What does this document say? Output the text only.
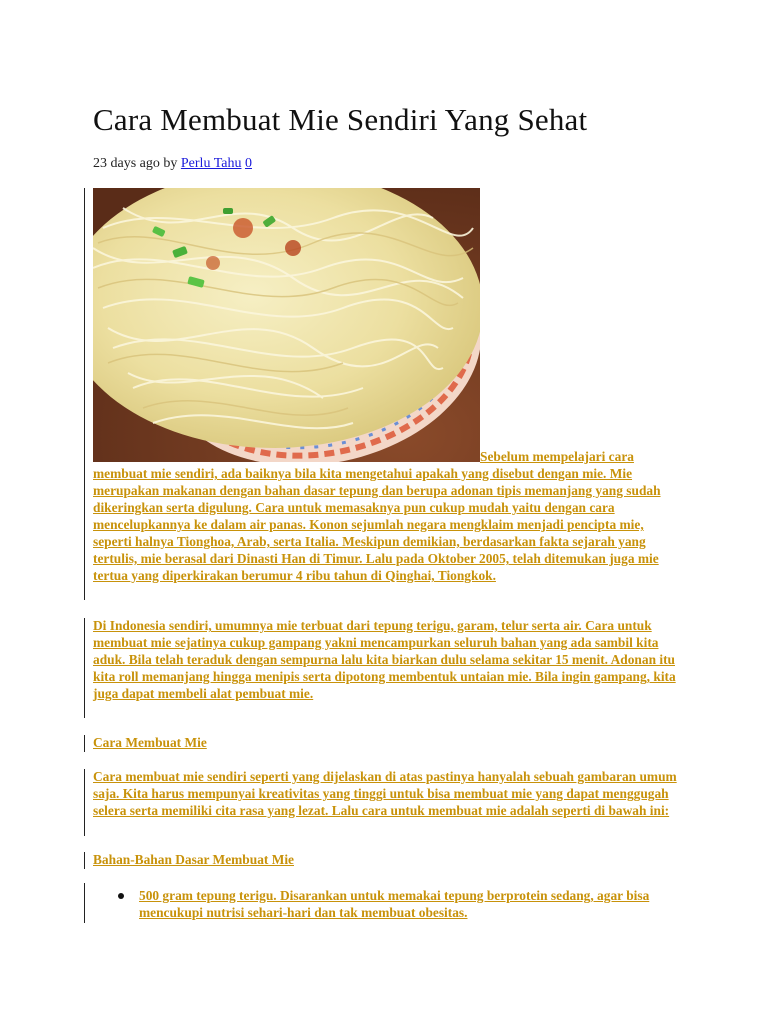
Cara Membuat Mie Sendiri Yang Sehat
23 days ago by Perlu Tahu 0
Sebelum mempelajari cara
membuat mie sendiri, ada baiknya bila kita mengetahui apakah yang disebut dengan mie. Mie merupakan makanan dengan bahan dasar tepung dan berupa adonan tipis memanjang yang sudah dikeringkan serta digulung. Cara untuk memasaknya pun cukup mudah yaitu dengan cara mencelupkannya ke dalam air panas. Konon sejumlah negara mengklaim menjadi pencipta mie, seperti halnya Tionghoa, Arab, serta Italia. Meskipun demikian, berdasarkan fakta sejarah yang tertulis, mie berasal dari Dinasti Han di Timur. Lalu pada Oktober 2005, telah ditemukan juga mie tertua yang diperkirakan berumur 4 ribu tahun di Qinghai, Tiongkok.

Di Indonesia sendiri, umumnya mie terbuat dari tepung terigu, garam, telur serta air. Cara untuk membuat mie sejatinya cukup gampang yakni mencampurkan seluruh bahan yang ada sambil kita aduk. Bila telah teraduk dengan sempurna lalu kita biarkan dulu selama sekitar 15 menit. Adonan itu kita roll memanjang hingga menipis serta dipotong membentuk untaian mie. Bila ingin gampang, kita juga dapat membeli alat pembuat mie.

Cara Membuat Mie

Cara membuat mie sendiri seperti yang dijelaskan di atas pastinya hanyalah sebuah gambaran umum saja. Kita harus mempunyai kreativitas yang tinggi untuk bisa membuat mie yang dapat menggugah selera serta memiliki cita rasa yang lezat. Lalu cara untuk membuat mie adalah seperti di bawah ini:

Bahan-Bahan Dasar Membuat Mie
500 gram tepung terigu. Disarankan untuk memakai tepung berprotein sedang, agar bisa mencukupi nutrisi sehari-hari dan tak membuat obesitas.
